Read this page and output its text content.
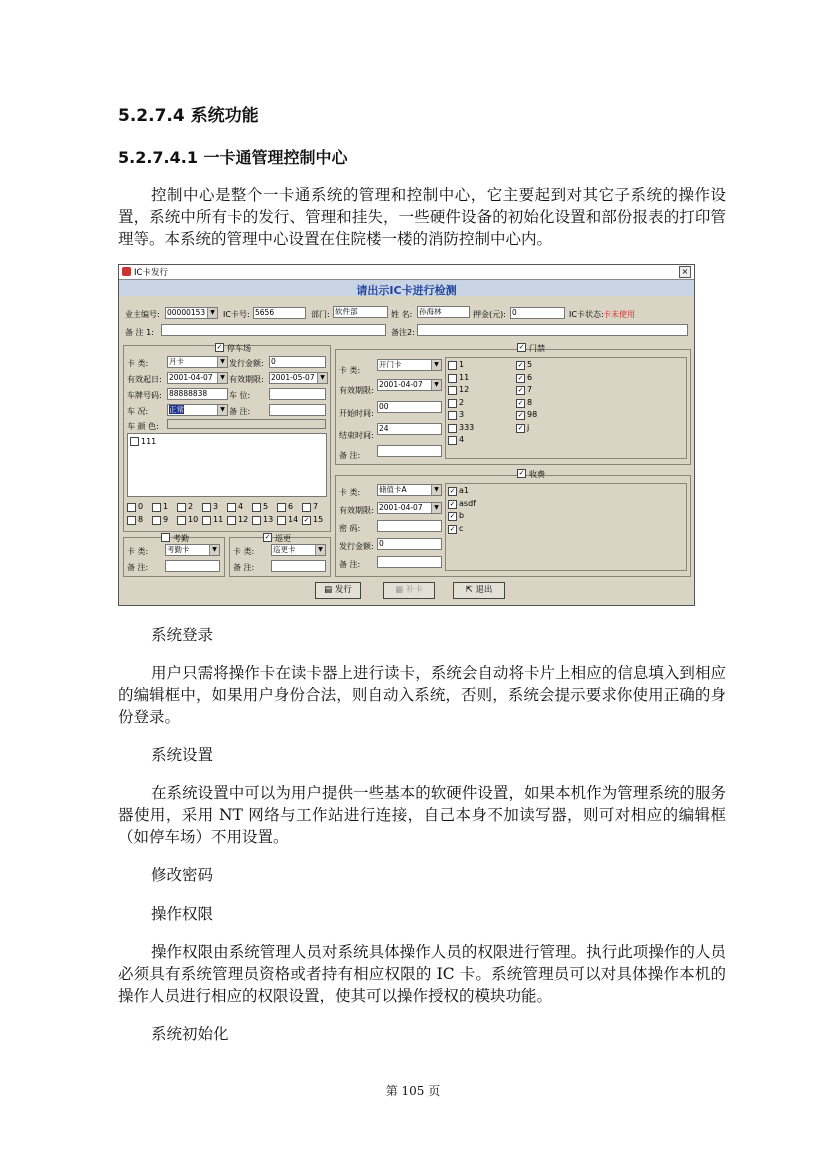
5.2.7.4 系统功能
5.2.7.4.1 一卡通管理控制中心
控制中心是整个一卡通系统的管理和控制中心，它主要起到对其它子系统的操作设置，系统中所有卡的发行、管理和挂失，一些硬件设备的初始化设置和部份报表的打印管理等。本系统的管理中心设置在住院楼一楼的消防控制中心内。
IC卡发行	×
请出示IC卡进行检测
业主编号: 00000153 ▼ IC卡号: 5656	部门: 软件部	姓 名: 孙海林	押金(元): 0	IC卡状态: 卡未使用
备 注 1:	备注2:
✓ 停车场
卡 类:	月卡	▼ 发行金额: 0
有效起日: 2001-04-07	▼ 有效期限: 2001-05-07 ▼
车牌号码: 88888838	车 位:
车 况:	正常	▼ 备 注:
车 颜 色:
111
0 1 2 3 4 5 6 7
8 9 10 11 12 13 14 ✓ 15
考勤
卡 类:	考勤卡	▼
备 注:
✓ 巡更
卡 类:	巡更卡	▼
备 注:
✓ 门禁
卡 类:
开门卡	▼
有效期限:
2001-04-07	▼
开始时间:
00
结束时间:
24
备 注:
1
11
12
2
3
333
4
✓ 5
✓ 6
✓ 7
✓ 8
✓ 98
✓ j
✓ 收费
卡 类:	储值卡A	▼
有效期限: 2001-04-07	▼
密 码:
发行金额: 0
备 注:
✓ a1
✓ asdf
✓ b
✓ c
▤ 发行	▦ 补卡	⇱ 退出
系统登录
用户只需将操作卡在读卡器上进行读卡，系统会自动将卡片上相应的信息填入到相应的编辑框中，如果用户身份合法，则自动入系统，否则，系统会提示要求你使用正确的身份登录。
系统设置
在系统设置中可以为用户提供一些基本的软硬件设置，如果本机作为管理系统的服务器使用，采用 NT 网络与工作站进行连接，自己本身不加读写器，则可对相应的编辑框（如停车场）不用设置。
修改密码
操作权限
操作权限由系统管理人员对系统具体操作人员的权限进行管理。执行此项操作的人员必须具有系统管理员资格或者持有相应权限的 IC 卡。系统管理员可以对具体操作本机的操作人员进行相应的权限设置，使其可以操作授权的模块功能。
系统初始化
第 105 页
